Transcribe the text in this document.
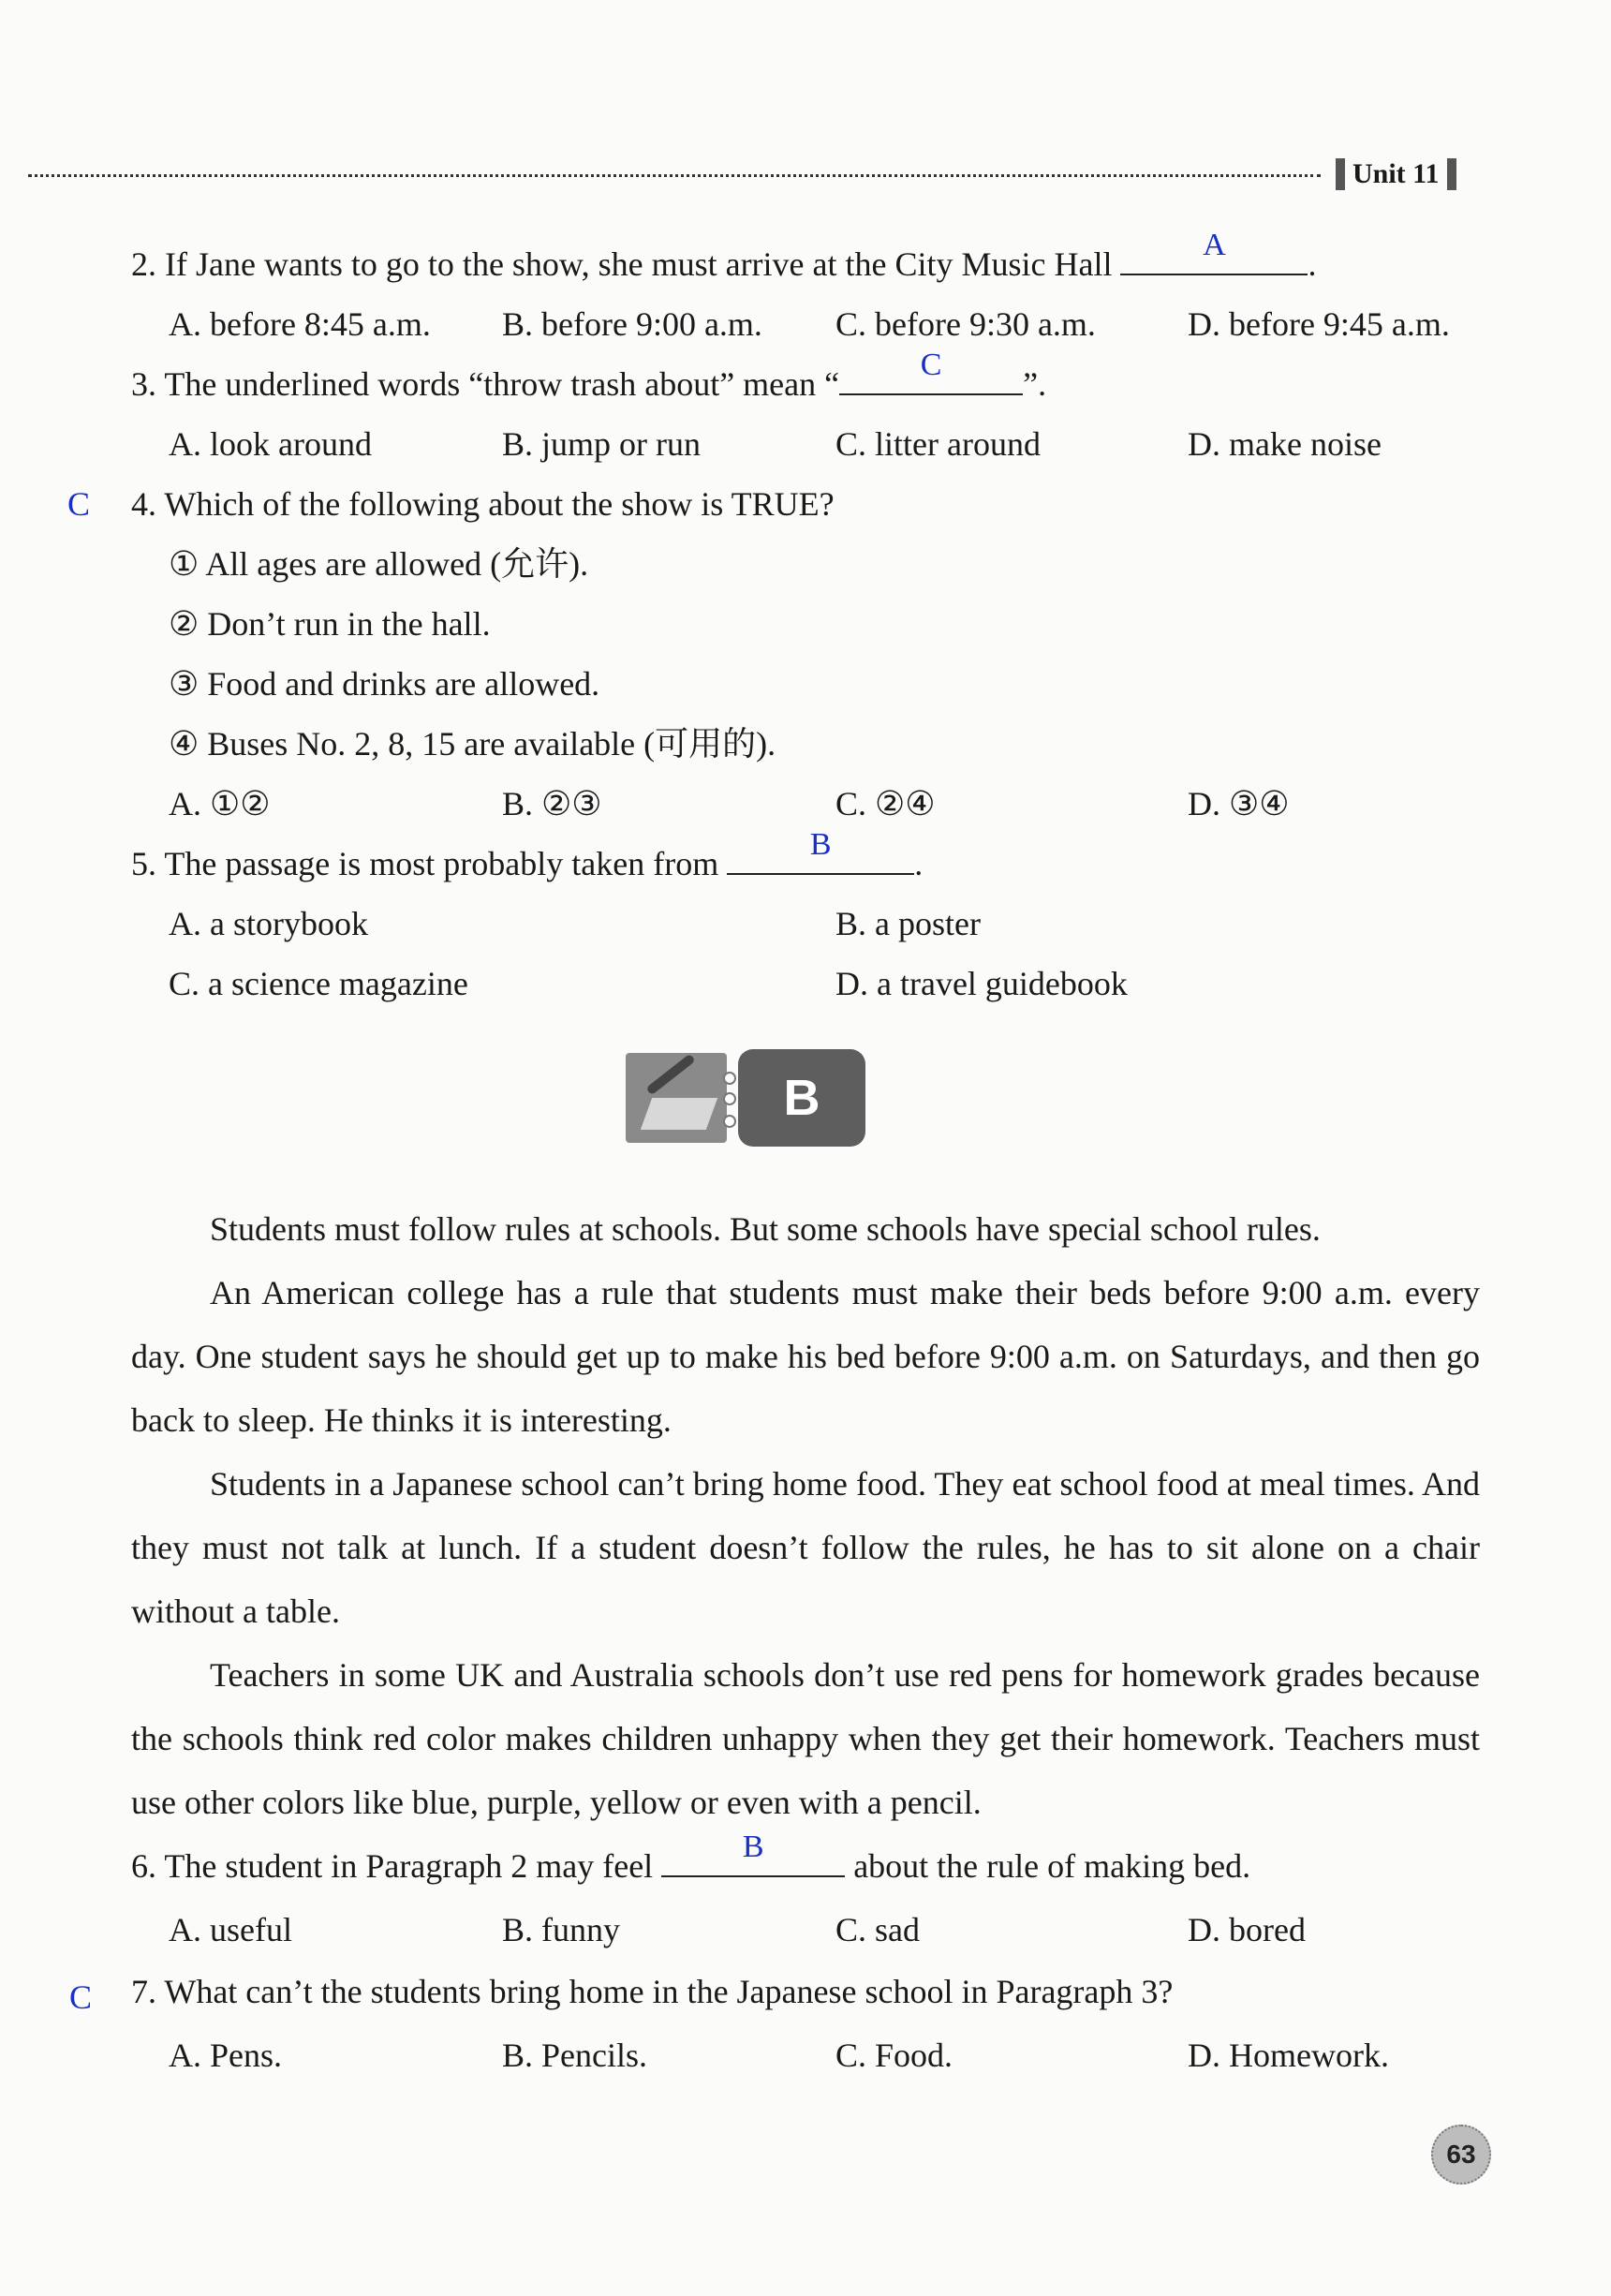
Unit 11
2. If Jane wants to go to the show, she must arrive at the City Music Hall
A
.
A. before 8:45 a.m. B. before 9:00 a.m. C. before 9:30 a.m.	D. before 9:45 a.m.
3. The underlined words “throw trash about” mean “
C
”.
A. look around	B. jump or run	C. litter around	D. make noise
C 4. Which of the following about the show is TRUE?
① All ages are allowed (允许).
② Don’t run in the hall.
③ Food and drinks are allowed.
④ Buses No. 2, 8, 15 are available (可用的).
A. ①②	B. ②③	C. ②④	D. ③④
5. The passage is most probably taken from
B
.
A. a storybook	B. a poster
C. a science magazine	D. a travel guidebook
B

Students must follow rules at schools. But some schools have special school rules.

An American college has a rule that students must make their beds before 9:00 a.m. every day. One student says he should get up to make his bed before 9:00 a.m. on Saturdays, and then go back to sleep. He thinks it is interesting.

Students in a Japanese school can’t bring home food. They eat school food at meal times. And they must not talk at lunch. If a student doesn’t follow the rules, he has to sit alone on a chair without a table.

Teachers in some UK and Australia schools don’t use red pens for homework grades because the schools think red color makes children unhappy when they get their homework. Teachers must use other colors like blue, purple, yellow or even with a pencil.

6. The student in Paragraph 2 may feel
B
about the rule of making bed.
A. useful	B. funny	C. sad	D. bored
C 7. What can’t the students bring home in the Japanese school in Paragraph 3?
A. Pens.	B. Pencils.	C. Food.	D. Homework.
63
